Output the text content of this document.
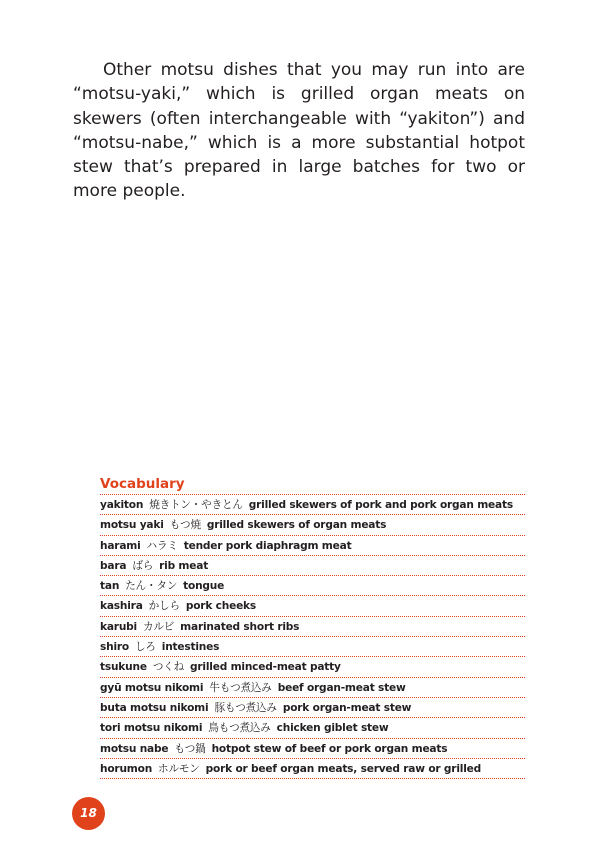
Other motsu dishes that you may run into are “motsu-yaki,” which is grilled organ meats on skewers (often interchangeable with “yakiton”) and “motsu-nabe,” which is a more substantial hotpot stew that’s prepared in large batches for two or more people.

Vocabulary
yakiton 焼きトン・やきとん grilled skewers of pork and pork organ meats
motsu yaki もつ焼 grilled skewers of organ meats
harami ハラミ tender pork diaphragm meat
bara ばら rib meat
tan たん・タン tongue
kashira かしら pork cheeks
karubi カルビ marinated short ribs
shiro しろ intestines
tsukune つくね grilled minced-meat patty
gyū motsu nikomi 牛もつ煮込み beef organ-meat stew
buta motsu nikomi 豚もつ煮込み pork organ-meat stew
tori motsu nikomi 鳥もつ煮込み chicken giblet stew
motsu nabe もつ鍋 hotpot stew of beef or pork organ meats
horumon ホルモン pork or beef organ meats, served raw or grilled
18
